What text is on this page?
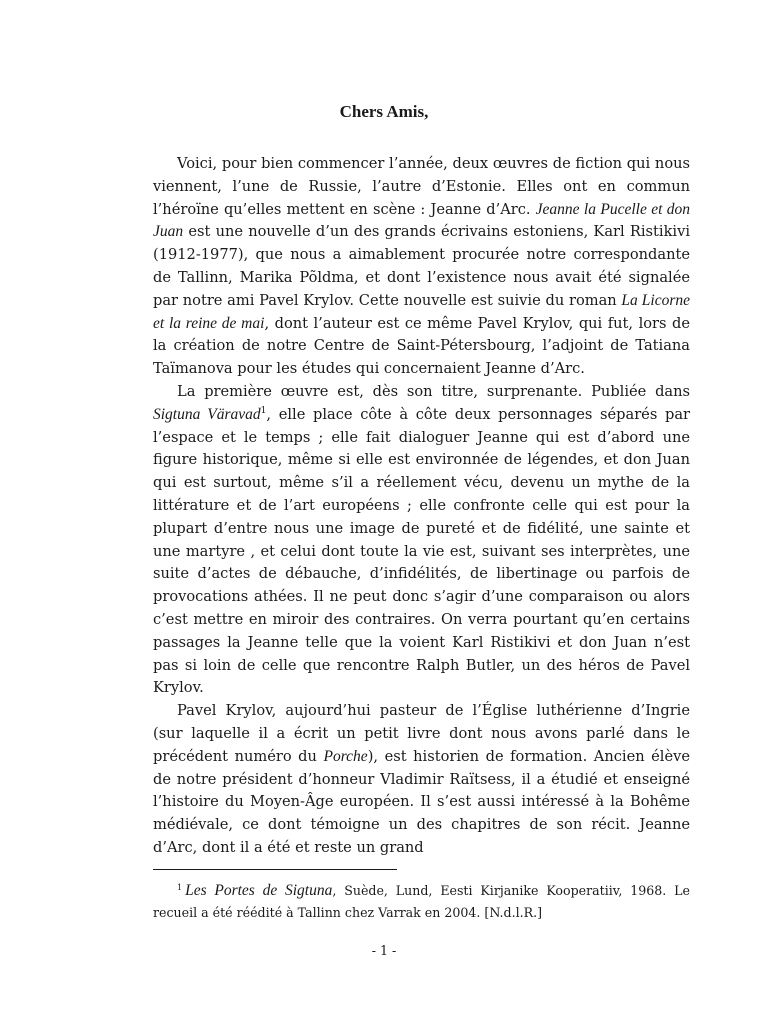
Chers Amis,

Voici, pour bien commencer l’année, deux œuvres de fiction qui nous viennent, l’une de Russie, l’autre d’Estonie. Elles ont en commun l’héroïne qu’elles mettent en scène : Jeanne d’Arc. Jeanne la Pucelle et don Juan est une nouvelle d’un des grands écrivains estoniens, Karl Ristikivi (1912-1977), que nous a aimablement procurée notre correspondante de Tallinn, Marika Põldma, et dont l’existence nous avait été signalée par notre ami Pavel Krylov. Cette nouvelle est suivie du roman La Licorne et la reine de mai, dont l’auteur est ce même Pavel Krylov, qui fut, lors de la création de notre Centre de Saint-Pétersbourg, l’adjoint de Tatiana Taïmanova pour les études qui concernaient Jeanne d’Arc.

La première œuvre est, dès son titre, surprenante. Publiée dans Sigtuna Väravad$^1$, elle place côte à côte deux personnages séparés par l’espace et le temps ; elle fait dialoguer Jeanne qui est d’abord une figure historique, même si elle est environnée de légendes, et don Juan qui est surtout, même s’il a réellement vécu, devenu un mythe de la littérature et de l’art européens ; elle confronte celle qui est pour la plupart d’entre nous une image de pureté et de fidélité, une sainte et une martyre , et celui dont toute la vie est, suivant ses interprètes, une suite d’actes de débauche, d’infidélités, de libertinage ou parfois de provocations athées. Il ne peut donc s’agir d’une comparaison ou alors c’est mettre en miroir des contraires. On verra pourtant qu’en certains passages la Jeanne telle que la voient Karl Ristikivi et don Juan n’est pas si loin de celle que rencontre Ralph Butler, un des héros de Pavel Krylov.

Pavel Krylov, aujourd’hui pasteur de l’Église luthérienne d’Ingrie (sur laquelle il a écrit un petit livre dont nous avons parlé dans le précédent numéro du Porche), est historien de formation. Ancien élève de notre président d’honneur Vladimir Raïtsess, il a étudié et enseigné l’histoire du Moyen-Âge européen. Il s’est aussi intéressé à la Bohême médiévale, ce dont témoigne un des chapitres de son récit. Jeanne d’Arc, dont il a été et reste un grand

$^1$ Les Portes de Sigtuna, Suède, Lund, Eesti Kirjanike Kooperatiiv, 1968. Le recueil a été réédité à Tallinn chez Varrak en 2004. [N.d.l.R.]
- 1 -
